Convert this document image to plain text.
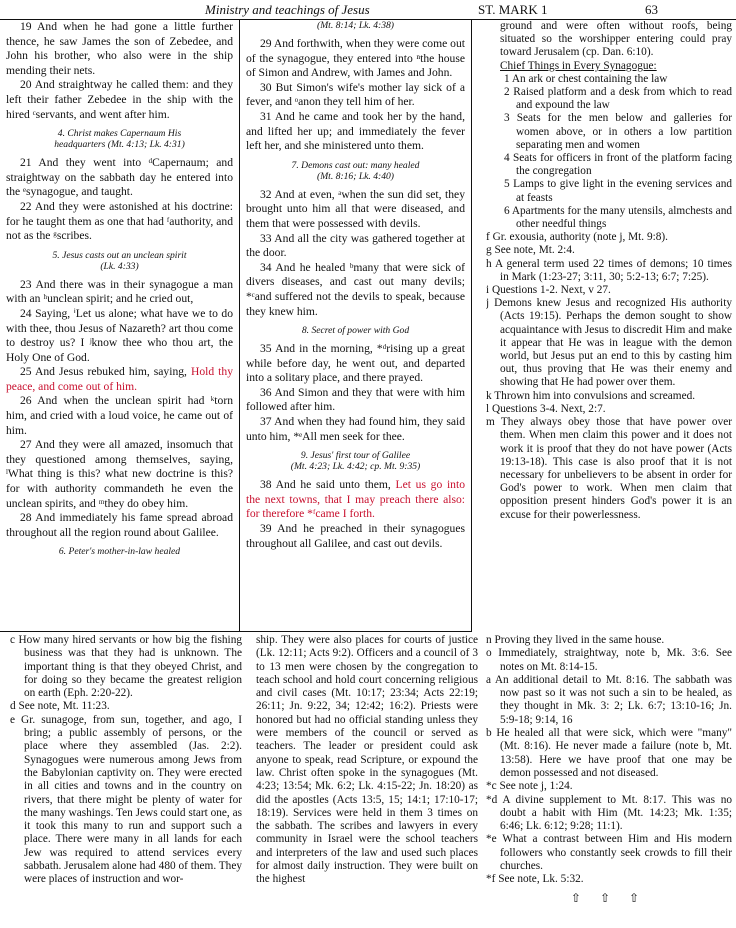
Ministry and teachings of Jesus	ST. MARK 1	63

19 And when he had gone a little further thence, he saw James the son of Zebedee, and John his brother, who also were in the ship mending their nets.

20 And straightway he called them: and they left their father Zebedee in the ship with the hired ᶜservants, and went after him.

4. Christ makes Capernaum His
headquarters (Mt. 4:13; Lk. 4:31)

21 And they went into ᵈCapernaum; and straightway on the sabbath day he entered into the ᵉsynagogue, and taught.

22 And they were astonished at his doctrine: for he taught them as one that had ᶠauthority, and not as the ᵍscribes.

5. Jesus casts out an unclean spirit
(Lk. 4:33)

23 And there was in their synagogue a man with an ʰunclean spirit; and he cried out,

24 Saying, ⁱLet us alone; what have we to do with thee, thou Jesus of Nazareth? art thou come to destroy us? I ʲknow thee who thou art, the Holy One of God.

25 And Jesus rebuked him, saying, Hold thy peace, and come out of him.

26 And when the unclean spirit had ᵏtorn him, and cried with a loud voice, he came out of him.

27 And they were all amazed, insomuch that they questioned among themselves, saying, ˡWhat thing is this? what new doctrine is this? for with authority commandeth he even the unclean spirits, and ᵐthey do obey him.

28 And immediately his fame spread abroad throughout all the region round about Galilee.

6. Peter's mother-in-law healed

(Mt. 8:14; Lk. 4:38)

29 And forthwith, when they were come out of the synagogue, they entered into ⁿthe house of Simon and Andrew, with James and John.

30 But Simon's wife's mother lay sick of a fever, and ᵒanon they tell him of her.

31 And he came and took her by the hand, and lifted her up; and immediately the fever left her, and she ministered unto them.

7. Demons cast out: many healed
(Mt. 8:16; Lk. 4:40)

32 And at even, ᵃwhen the sun did set, they brought unto him all that were diseased, and them that were possessed with devils.

33 And all the city was gathered together at the door.

34 And he healed ᵇmany that were sick of divers diseases, and cast out many devils; *ᶜand suffered not the devils to speak, because they knew him.

8. Secret of power with God

35 And in the morning, *ᵈrising up a great while before day, he went out, and departed into a solitary place, and there prayed.

36 And Simon and they that were with him followed after him.

37 And when they had found him, they said unto him, *ᵉAll men seek for thee.

9. Jesus' first tour of Galilee
(Mt. 4:23; Lk. 4:42; cp. Mt. 9:35)

38 And he said unto them, Let us go into the next towns, that I may preach there also: for therefore *ᶠcame I forth.

39 And he preached in their synagogues throughout all Galilee, and cast out devils.

ground and were often without roofs, being situated so the worshipper entering could pray toward Jerusalem (cp. Dan. 6:10).

Chief Things in Every Synagogue:

1 An ark or chest containing the law

2 Raised platform and a desk from which to read and expound the law

3 Seats for the men below and galleries for women above, or in others a low partition separating men and women

4 Seats for officers in front of the platform facing the congregation

5 Lamps to give light in the evening services and at feasts

6 Apartments for the many utensils, almchests and other needful things

f Gr. exousia, authority (note j, Mt. 9:8).

g See note, Mt. 2:4.

h A general term used 22 times of demons; 10 times in Mark (1:23-27; 3:11, 30; 5:2-13; 6:7; 7:25).

i Questions 1-2. Next, v 27.

j Demons knew Jesus and recognized His authority (Acts 19:15). Perhaps the demon sought to show acquaintance with Jesus to discredit Him and make it appear that He was in league with the demon world, but Jesus put an end to this by casting him out, thus proving that He was their enemy and showing that He had power over them.

k Thrown him into convulsions and screamed.

l Questions 3-4. Next, 2:7.

m They always obey those that have power over them. When men claim this power and it does not work it is proof that they do not have power (Acts 19:13-18). This case is also proof that it is not necessary for unbelievers to be absent in order for God's power to work. When men claim that opposition present hinders God's power it is an excuse for their powerlessness.

c How many hired servants or how big the fishing business was that they had is unknown. The important thing is that they obeyed Christ, and for doing so they became the greatest religion on earth (Eph. 2:20-22).

d See note, Mt. 11:23.

e Gr. sunagoge, from sun, together, and ago, I bring; a public assembly of persons, or the place where they assembled (Jas. 2:2). Synagogues were numerous among Jews from the Babylonian captivity on. They were erected in all cities and towns and in the country on rivers, that there might be plenty of water for the many washings. Ten Jews could start one, as it took this many to run and support such a place. There were many in all lands for each Jew was required to attend services every sabbath. Jerusalem alone had 480 of them. They were places of instruction and wor-

ship. They were also places for courts of justice (Lk. 12:11; Acts 9:2). Officers and a council of 3 to 13 men were chosen by the congregation to teach school and hold court concerning religious and civil cases (Mt. 10:17; 23:34; Acts 22:19; 26:11; Jn. 9:22, 34; 12:42; 16:2). Priests were honored but had no official standing unless they were members of the council or served as teachers. The leader or president could ask anyone to speak, read Scripture, or expound the law. Christ often spoke in the synagogues (Mt. 4:23; 13:54; Mk. 6:2; Lk. 4:15-22; Jn. 18:20) as did the apostles (Acts 13:5, 15; 14:1; 17:10-17; 18:19). Services were held in them 3 times on the sabbath. The scribes and lawyers in every community in Israel were the school teachers and interpreters of the law and used such places for almost daily instruction. They were built on the highest

n Proving they lived in the same house.

o Immediately, straightway, note b, Mk. 3:6. See notes on Mt. 8:14-15.

a An additional detail to Mt. 8:16. The sabbath was now past so it was not such a sin to be healed, as they thought in Mk. 3: 2; Lk. 6:7; 13:10-16; Jn. 5:9-18; 9:14, 16

b He healed all that were sick, which were "many" (Mt. 8:16). He never made a failure (note b, Mt. 13:58). Here we have proof that one may be demon possessed and not diseased.

*c See note j, 1:24.

*d A divine supplement to Mt. 8:17. This was no doubt a habit with Him (Mt. 14:23; Mk. 1:35; 6:46; Lk. 6:12; 9:28; 11:1).

*e What a contrast between Him and His modern followers who constantly seek crowds to fill their churches.

*f See note, Lk. 5:32.

⇧ ⇧ ⇧
